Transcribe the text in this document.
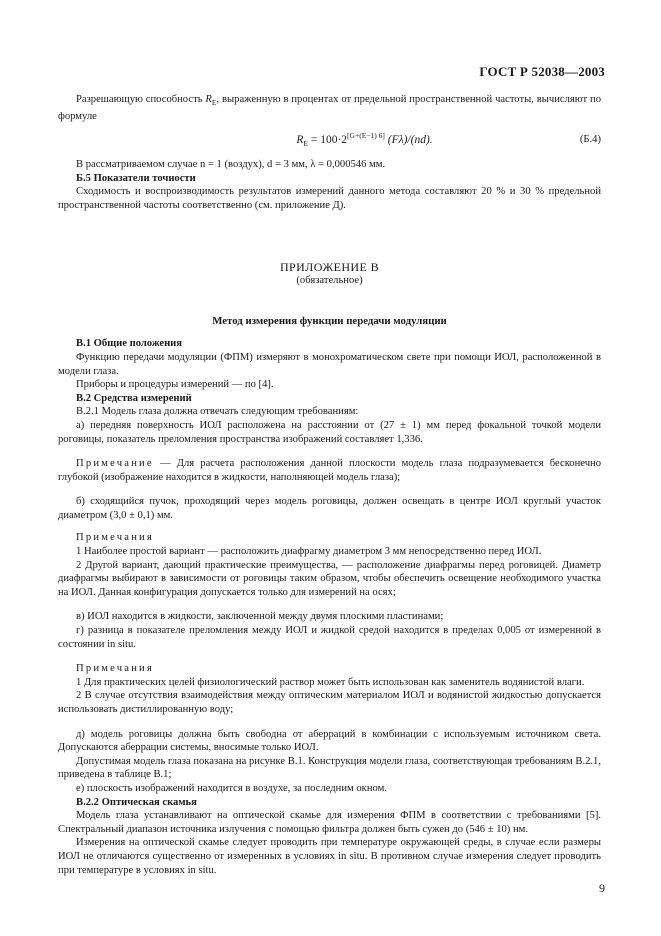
ГОСТ Р 52038—2003

Разрешающую способность $R_E$, выраженную в процентах от предельной пространственной частоты, вычисляют по формуле

$R_E = 100\cdot 2[G+(E-1) 6]$ (Fλ)/(nd).	(Б.4)

В рассматриваемом случае n = 1 (воздух), d = 3 мм, λ = 0,000546 мм.

Б.5 Показатели точности

Сходимость и воспроизводимость результатов измерений данного метода составляют 20 % и 30 % предельной пространственной частоты соответственно (см. приложение Д).

ПРИЛОЖЕНИЕ В
(обязательное)
Метод измерения функции передачи модуляции

В.1 Общие положения

Функцию передачи модуляции (ФПМ) измеряют в монохроматическом свете при помощи ИОЛ, расположенной в модели глаза.

Приборы и процедуры измерений — по [4].

В.2 Средства измерений

В.2.1 Модель глаза должна отвечать следующим требованиям:

а) передняя поверхность ИОЛ расположена на расстоянии от (27 ± 1) мм перед фокальной точкой модели роговицы, показатель преломления пространства изображений составляет 1,336.

Примечание — Для расчета расположения данной плоскости модель глаза подразумевается бесконечно глубокой (изображение находится в жидкости, наполняющей модель глаза);

б) сходящийся пучок, проходящий через модель роговицы, должен освещать в центре ИОЛ круглый участок диаметром (3,0 ± 0,1) мм.

Примечания

1 Наиболее простой вариант — расположить диафрагму диаметром 3 мм непосредственно перед ИОЛ.

2 Другой вариант, дающий практические преимущества, — расположение диафрагмы перед роговицей. Диаметр диафрагмы выбирают в зависимости от роговицы таким образом, чтобы обеспечить освещение необходимого участка на ИОЛ. Данная конфигурация допускается только для измерений на осях;

в) ИОЛ находится в жидкости, заключенной между двумя плоскими пластинами;

г) разница в показателе преломления между ИОЛ и жидкой средой находится в пределах 0,005 от измеренной в состоянии in situ.

Примечания

1 Для практических целей физиологический раствор может быть использован как заменитель водянистой влаги.

2 В случае отсутствия взаимодействия между оптическим материалом ИОЛ и водянистой жидкостью допускается использовать дистиллированную воду;

д) модель роговицы должна быть свободна от аберраций в комбинации с используемым источником света. Допускаются аберрации системы, вносимые только ИОЛ.

Допустимая модель глаза показана на рисунке В.1. Конструкция модели глаза, соответствующая требованиям В.2.1, приведена в таблице В.1;

е) плоскость изображений находится в воздухе, за последним окном.

В.2.2 Оптическая скамья

Модель глаза устанавливают на оптической скамье для измерения ФПМ в соответствии с требованиями [5]. Спектральный диапазон источника излучения с помощью фильтра должен быть сужен до (546 ± 10) нм.

Измерения на оптической скамье следует проводить при температуре окружающей среды, в случае если размеры ИОЛ не отличаются существенно от измеренных в условиях in situ. В противном случае измерения следует проводить при температуре в условиях in situ.

9
